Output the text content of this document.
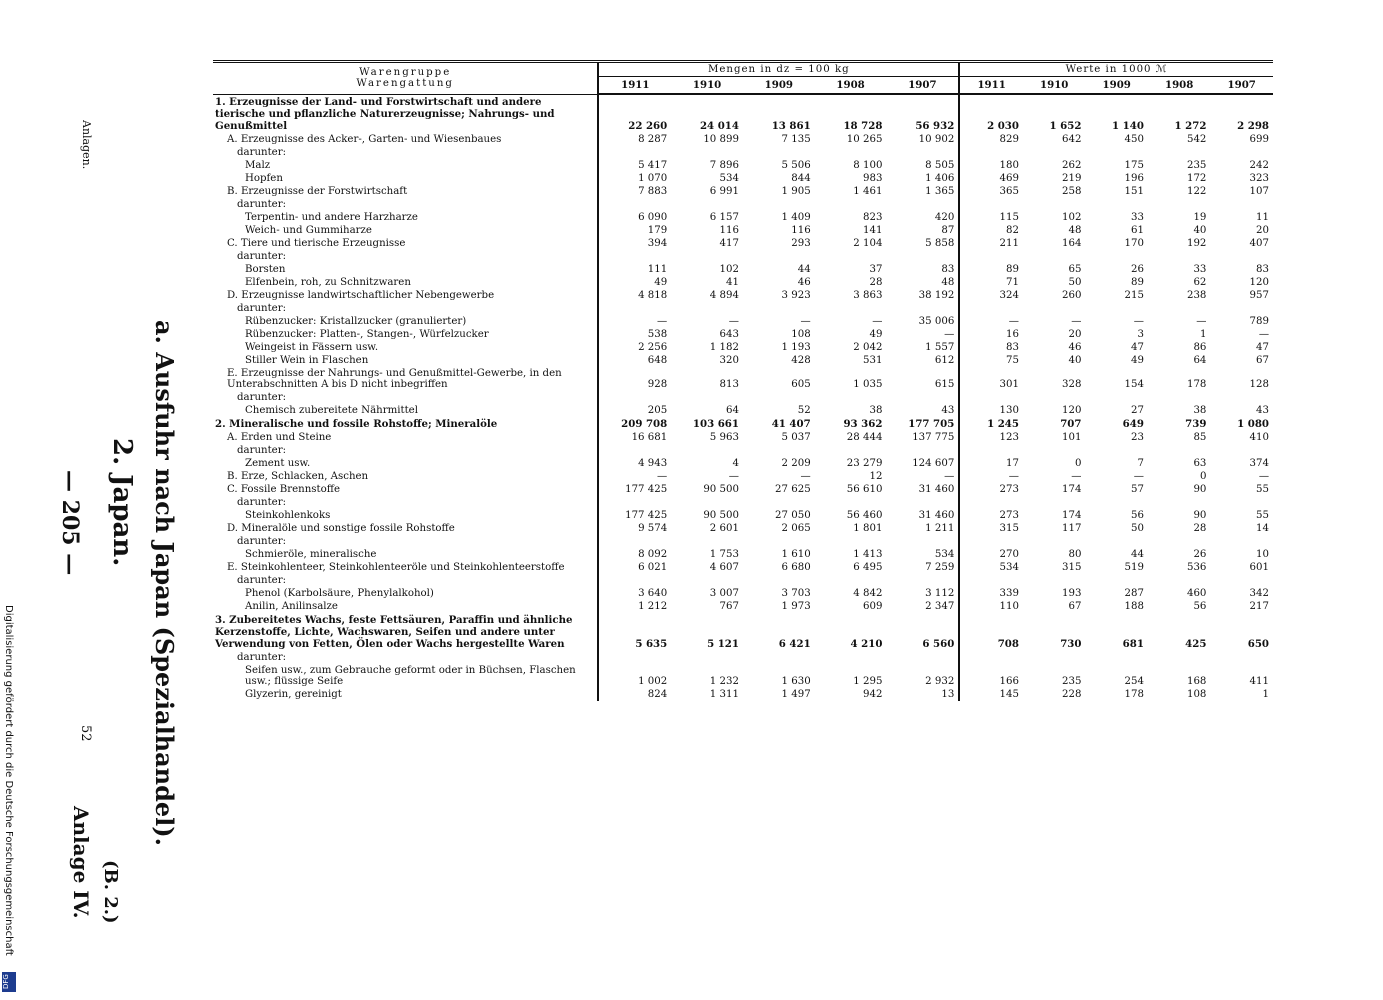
DFG
Digitalisierung gefördert durch die Deutsche Forschungsgemeinschaft
— 205 —
Anlage IV. (B. 2.)
2. Japan. a. Ausfuhr nach Japan (Spezialhandel).
Anlagen.
52
Warengruppe
Warengattung	Mengen in dz = 100 kg					Werte in 1000 ℳ				
	1911	1910	1909	1908	1907	1911	1910	1909	1908	1907
1. Erzeugnisse der Land- und Forstwirtschaft und andere tierische und pflanzliche Naturerzeugnisse; Nahrungs- und Genußmittel	22 260	24 014	13 861	18 728	56 932	2 030	1 652	1 140	1 272	2 298
A. Erzeugnisse des Acker-, Garten- und Wiesenbaues	8 287	10 899	7 135	10 265	10 902	829	642	450	542	699
darunter:										
Malz	5 417	7 896	5 506	8 100	8 505	180	262	175	235	242
Hopfen	1 070	534	844	983	1 406	469	219	196	172	323
B. Erzeugnisse der Forstwirtschaft	7 883	6 991	1 905	1 461	1 365	365	258	151	122	107
darunter:										
Terpentin- und andere Harzharze	6 090	6 157	1 409	823	420	115	102	33	19	11
Weich- und Gummiharze	179	116	116	141	87	82	48	61	40	20
C. Tiere und tierische Erzeugnisse	394	417	293	2 104	5 858	211	164	170	192	407
darunter:										
Borsten	111	102	44	37	83	89	65	26	33	83
Elfenbein, roh, zu Schnitzwaren	49	41	46	28	48	71	50	89	62	120
D. Erzeugnisse landwirtschaftlicher Nebengewerbe	4 818	4 894	3 923	3 863	38 192	324	260	215	238	957
darunter:										
Rübenzucker: Kristallzucker (granulierter)	—	—	—	—	35 006	—	—	—	—	789
Rübenzucker: Platten-, Stangen-, Würfelzucker	538	643	108	49	—	16	20	3	1	—
Weingeist in Fässern usw.	2 256	1 182	1 193	2 042	1 557	83	46	47	86	47
Stiller Wein in Flaschen	648	320	428	531	612	75	40	49	64	67
E. Erzeugnisse der Nahrungs- und Genußmittel-Gewerbe, in den Unterabschnitten A bis D nicht inbegriffen	928	813	605	1 035	615	301	328	154	178	128
darunter:										
Chemisch zubereitete Nährmittel	205	64	52	38	43	130	120	27	38	43
2. Mineralische und fossile Rohstoffe; Mineralöle	209 708	103 661	41 407	93 362	177 705	1 245	707	649	739	1 080
A. Erden und Steine	16 681	5 963	5 037	28 444	137 775	123	101	23	85	410
darunter:										
Zement usw.	4 943	4	2 209	23 279	124 607	17	0	7	63	374
B. Erze, Schlacken, Aschen	—	—	—	12	—	—	—	—	0	—
C. Fossile Brennstoffe	177 425	90 500	27 625	56 610	31 460	273	174	57	90	55
darunter:										
Steinkohlenkoks	177 425	90 500	27 050	56 460	31 460	273	174	56	90	55
D. Mineralöle und sonstige fossile Rohstoffe	9 574	2 601	2 065	1 801	1 211	315	117	50	28	14
darunter:										
Schmieröle, mineralische	8 092	1 753	1 610	1 413	534	270	80	44	26	10
E. Steinkohlenteer, Steinkohlenteeröle und Steinkohlenteerstoffe	6 021	4 607	6 680	6 495	7 259	534	315	519	536	601
darunter:										
Phenol (Karbolsäure, Phenylalkohol)	3 640	3 007	3 703	4 842	3 112	339	193	287	460	342
Anilin, Anilinsalze	1 212	767	1 973	609	2 347	110	67	188	56	217
3. Zubereitetes Wachs, feste Fettsäuren, Paraffin und ähnliche Kerzenstoffe, Lichte, Wachswaren, Seifen und andere unter Verwendung von Fetten, Ölen oder Wachs hergestellte Waren	5 635	5 121	6 421	4 210	6 560	708	730	681	425	650
darunter:										
Seifen usw., zum Gebrauche geformt oder in Büchsen, Flaschen usw.; flüssige Seife	1 002	1 232	1 630	1 295	2 932	166	235	254	168	411
Glyzerin, gereinigt	824	1 311	1 497	942	13	145	228	178	108	1
